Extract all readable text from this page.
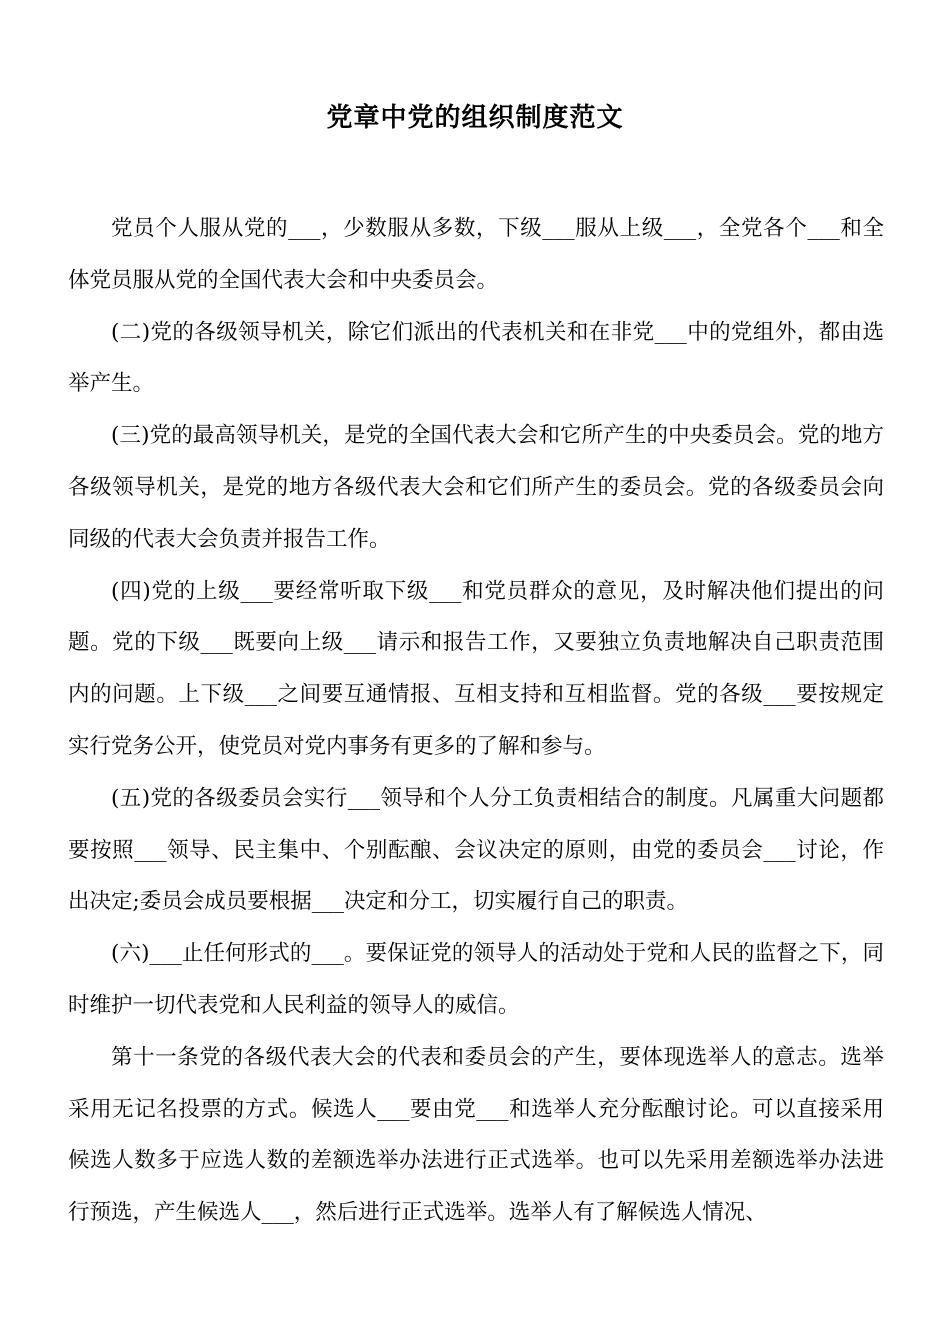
党章中党的组织制度范文

党员个人服从党的___，少数服从多数，下级___服从上级___，全党各个___和全体党员服从党的全国代表大会和中央委员会。

(二)党的各级领导机关，除它们派出的代表机关和在非党___中的党组外，都由选举产生。

(三)党的最高领导机关，是党的全国代表大会和它所产生的中央委员会。党的地方各级领导机关，是党的地方各级代表大会和它们所产生的委员会。党的各级委员会向同级的代表大会负责并报告工作。

(四)党的上级___要经常听取下级___和党员群众的意见，及时解决他们提出的问题。党的下级___既要向上级___请示和报告工作，又要独立负责地解决自己职责范围内的问题。上下级___之间要互通情报、互相支持和互相监督。党的各级___要按规定实行党务公开，使党员对党内事务有更多的了解和参与。

(五)党的各级委员会实行___领导和个人分工负责相结合的制度。凡属重大问题都要按照___领导、民主集中、个别酝酿、会议决定的原则，由党的委员会___讨论，作出决定;委员会成员要根据___决定和分工，切实履行自己的职责。

(六)___止任何形式的___。要保证党的领导人的活动处于党和人民的监督之下，同时维护一切代表党和人民利益的领导人的威信。

第十一条党的各级代表大会的代表和委员会的产生，要体现选举人的意志。选举采用无记名投票的方式。候选人___要由党___和选举人充分酝酿讨论。可以直接采用候选人数多于应选人数的差额选举办法进行正式选举。也可以先采用差额选举办法进行预选，产生候选人___，然后进行正式选举。选举人有了解候选人情况、
